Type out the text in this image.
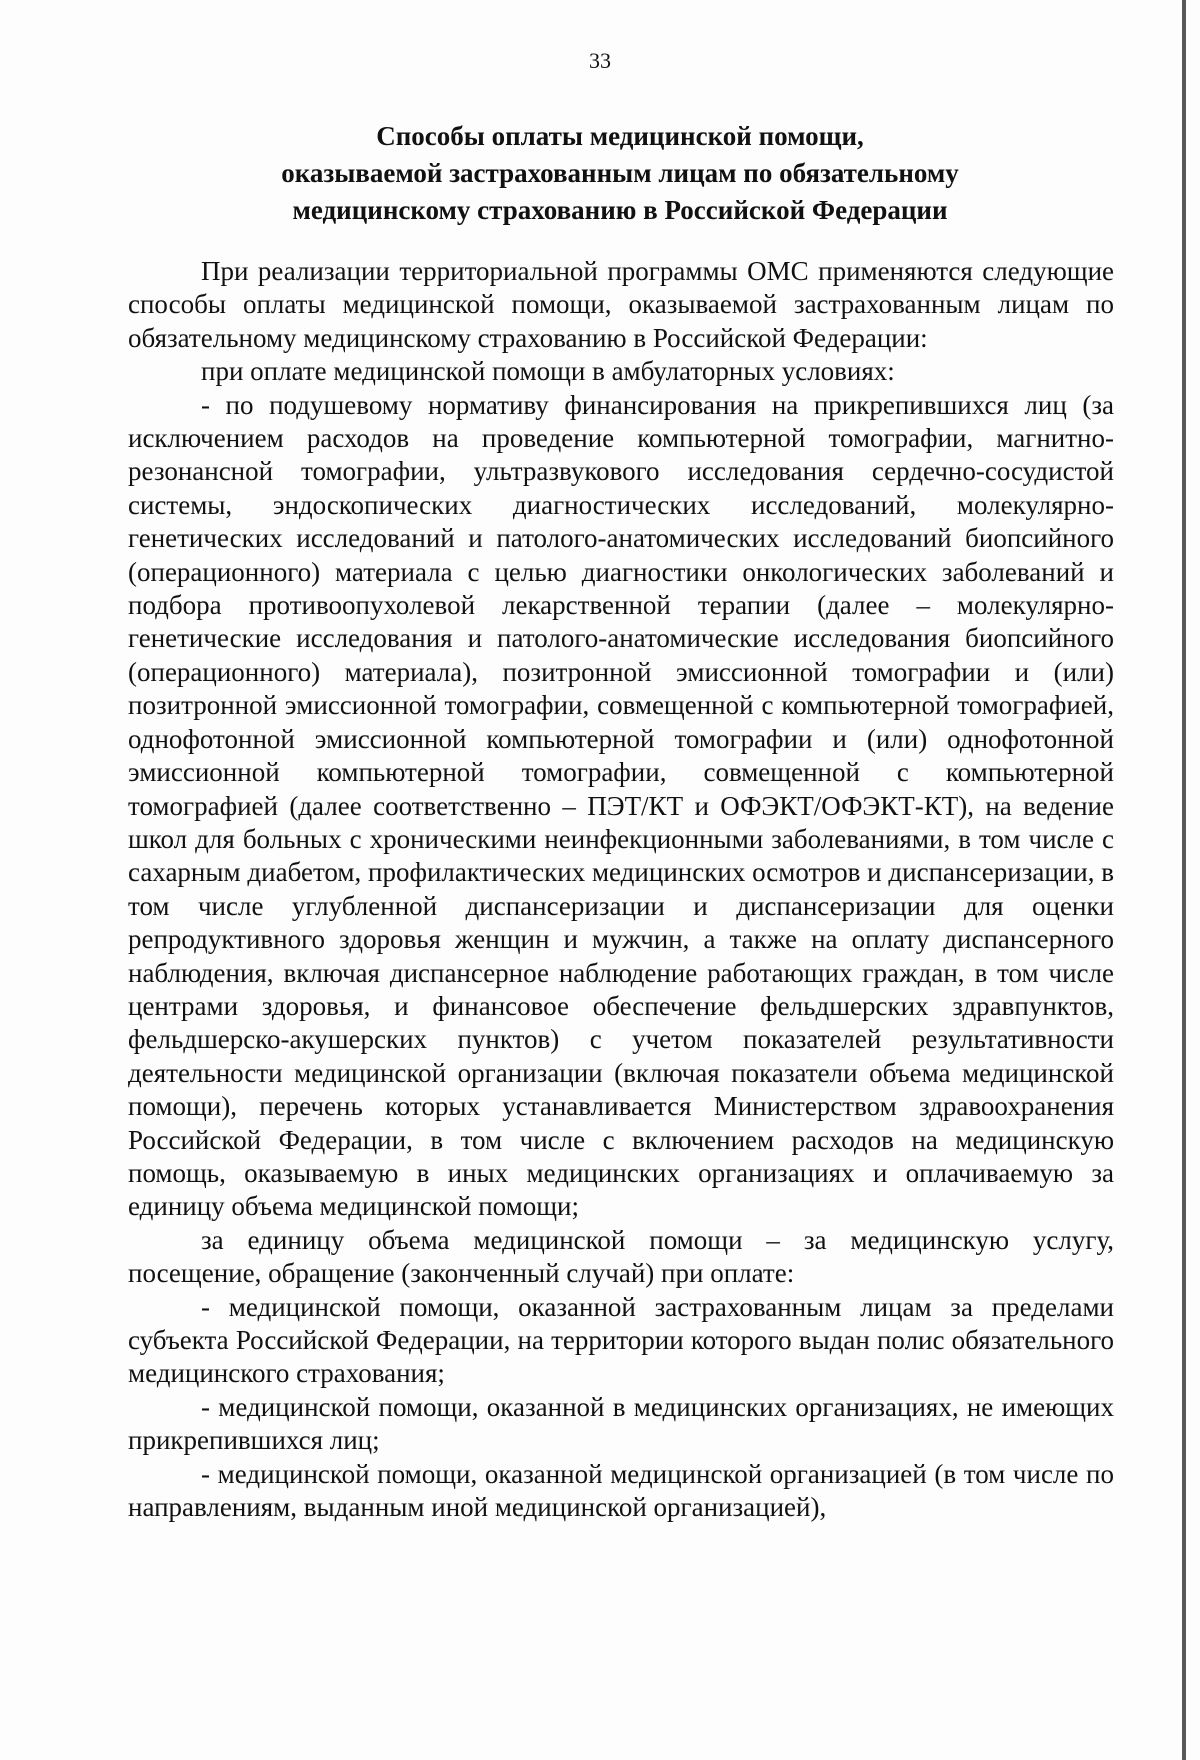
33
Способы оплаты медицинской помощи,
оказываемой застрахованным лицам по обязательному
медицинскому страхованию в Российской Федерации

При реализации территориальной программы ОМС применяются следующие способы оплаты медицинской помощи, оказываемой застрахованным лицам по обязательному медицинскому страхованию в Российской Федерации:

при оплате медицинской помощи в амбулаторных условиях:

- по подушевому нормативу финансирования на прикрепившихся лиц (за исключением расходов на проведение компьютерной томографии, магнитно-резонансной томографии, ультразвукового исследования сердечно-сосудистой системы, эндоскопических диагностических исследований, молекулярно-генетических исследований и патолого-анатомических исследований биопсийного (операционного) материала с целью диагностики онкологических заболеваний и подбора противоопухолевой лекарственной терапии (далее – молекулярно-генетические исследования и патолого-анатомические исследования биопсийного (операционного) материала), позитронной эмиссионной томографии и (или) позитронной эмиссионной томографии, совмещенной с компьютерной томографией, однофотонной эмиссионной компьютерной томографии и (или) однофотонной эмиссионной компьютерной томографии, совмещенной с компьютерной томографией (далее соответственно – ПЭТ/КТ и ОФЭКТ/ОФЭКТ-КТ), на ведение школ для больных с хроническими неинфекционными заболеваниями, в том числе с сахарным диабетом, профилактических медицинских осмотров и диспансеризации, в том числе углубленной диспансеризации и диспансеризации для оценки репродуктивного здоровья женщин и мужчин, а также на оплату диспансерного наблюдения, включая диспансерное наблюдение работающих граждан, в том числе центрами здоровья, и финансовое обеспечение фельдшерских здравпунктов, фельдшерско-акушерских пунктов) с учетом показателей результативности деятельности медицинской организации (включая показатели объема медицинской помощи), перечень которых устанавливается Министерством здравоохранения Российской Федерации, в том числе с включением расходов на медицинскую помощь, оказываемую в иных медицинских организациях и оплачиваемую за единицу объема медицинской помощи;

за единицу объема медицинской помощи – за медицинскую услугу, посещение, обращение (законченный случай) при оплате:

- медицинской помощи, оказанной застрахованным лицам за пределами субъекта Российской Федерации, на территории которого выдан полис обязательного медицинского страхования;

- медицинской помощи, оказанной в медицинских организациях, не имеющих прикрепившихся лиц;

- медицинской помощи, оказанной медицинской организацией (в том числе по направлениям, выданным иной медицинской организацией),
